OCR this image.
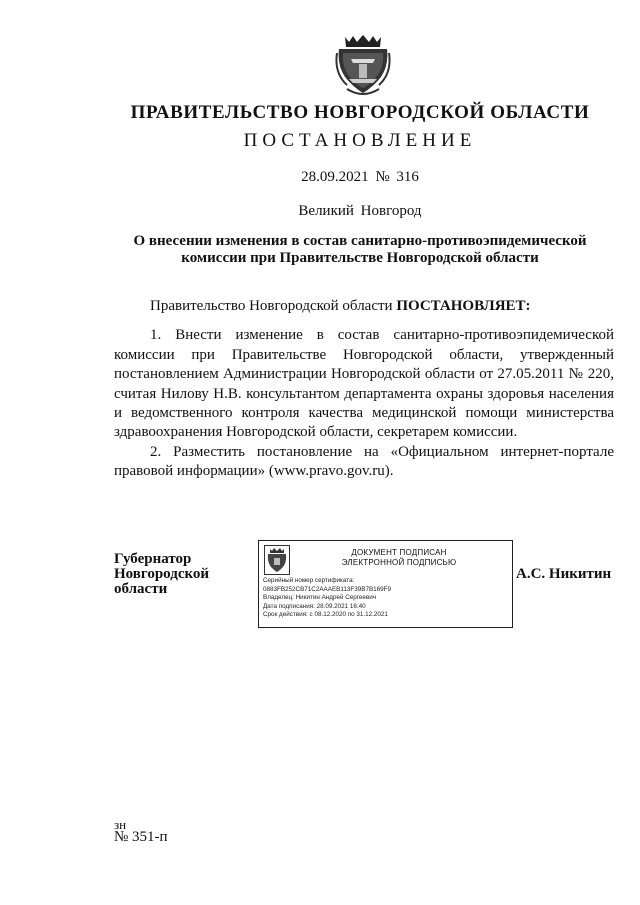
ПРАВИТЕЛЬСТВО НОВГОРОДСКОЙ ОБЛАСТИ
ПОСТАНОВЛЕНИЕ
28.09.2021 № 316
Великий Новгород
О внесении изменения в состав санитарно-противоэпидемической
комиссии при Правительстве Новгородской области

Правительство Новгородской области ПОСТАНОВЛЯЕТ:

1. Внести изменение в состав санитарно-противоэпидемической комиссии при Правительстве Новгородской области, утвержденный постановлением Администрации Новгородской области от 27.05.2011 № 220, считая Нилову Н.В. консультантом департамента охраны здоровья населения и ведомственного контроля качества медицинской помощи министерства здравоохранения Новгородской области, секретарем комиссии.

2. Разместить постановление на «Официальном интернет-портале правовой информации» (www.pravo.gov.ru).

Губернатор
Новгородской области
ДОКУМЕНТ ПОДПИСАН
ЭЛЕКТРОННОЙ ПОДПИСЬЮ
Серийный номер сертификата:
0883FB252CB71C2AAAEB113F39B7B169F9
Владелец: Никитин Андрей Сергеевич
Дата подписания: 28.09.2021 16:40
Срок действия: с 08.12.2020 по 31.12.2021
А.С. Никитин
зн
№ 351-п
